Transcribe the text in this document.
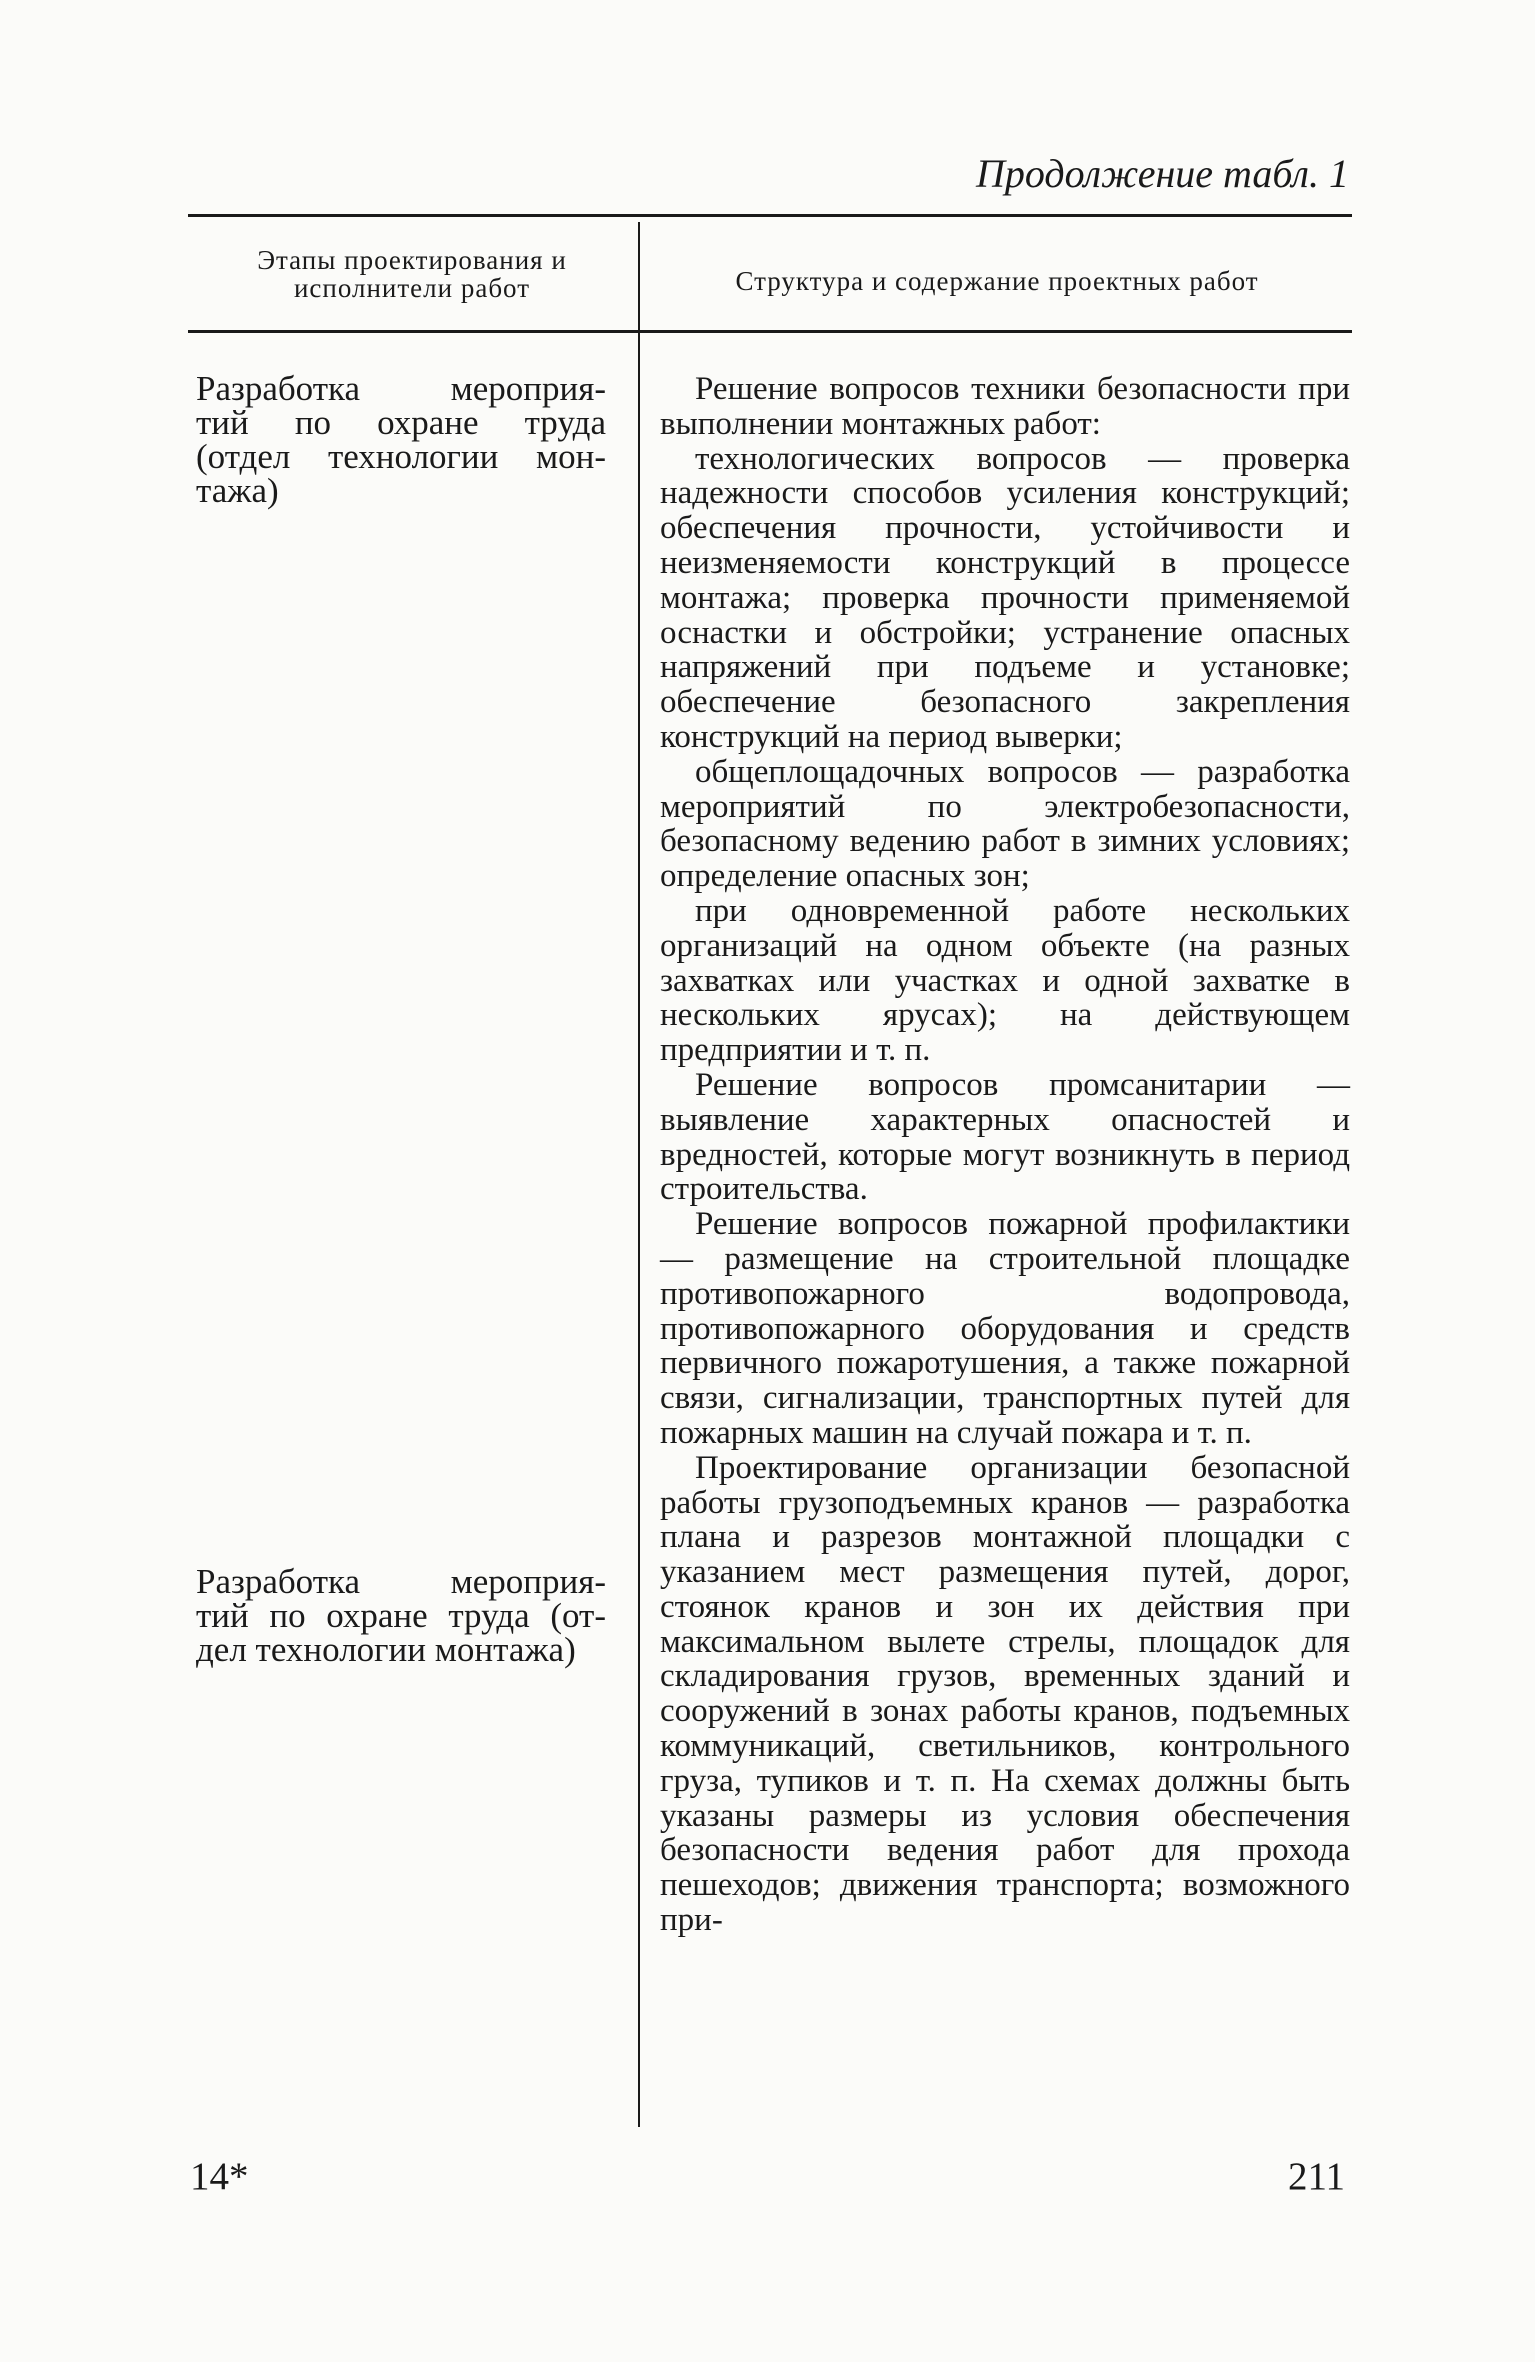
Продолжение табл. 1
Этапы проектирования и исполнители работ	Структура и содержание проектных работ
Разработка мероприя-
тий по охране труда
(отдел технологии мон-
тажа)
Разработка мероприя-
тий по охране труда (от-
дел технологии монтажа)

Решение вопросов техники безопасности при выполнении монтажных работ:

технологических вопросов — проверка надежности способов усиления конструкций; обеспечения прочности, устойчивости и неизменяемости конструкций в процессе монтажа; проверка прочности применяемой оснастки и обстройки; устранение опасных напряжений при подъеме и установке; обеспечение безопасного закрепления конструкций на период выверки;

общеплощадочных вопросов — разработка мероприятий по электробезопасности, безопасному ведению работ в зимних условиях; определение опасных зон;

при одновременной работе нескольких организаций на одном объекте (на разных захватках или участках и одной захватке в нескольких ярусах); на действующем предприятии и т. п.

Решение вопросов промсанитарии — выявление характерных опасностей и вредностей, которые могут возникнуть в период строительства.

Решение вопросов пожарной профилактики — размещение на строительной площадке противопожарного водопровода, противопожарного оборудования и средств первичного пожаротушения, а также пожарной связи, сигнализации, транспортных путей для пожарных машин на случай пожара и т. п.

Проектирование организации безопасной работы грузоподъемных кранов — разработка плана и разрезов монтажной площадки с указанием мест размещения путей, дорог, стоянок кранов и зон их действия при максимальном вылете стрелы, площадок для складирования грузов, временных зданий и сооружений в зонах работы кранов, подъемных коммуникаций, светильников, контрольного груза, тупиков и т. п. На схемах должны быть указаны размеры из условия обеспечения безопасности ведения работ для прохода пешеходов; движения транспорта; возможного при-

14*	211
